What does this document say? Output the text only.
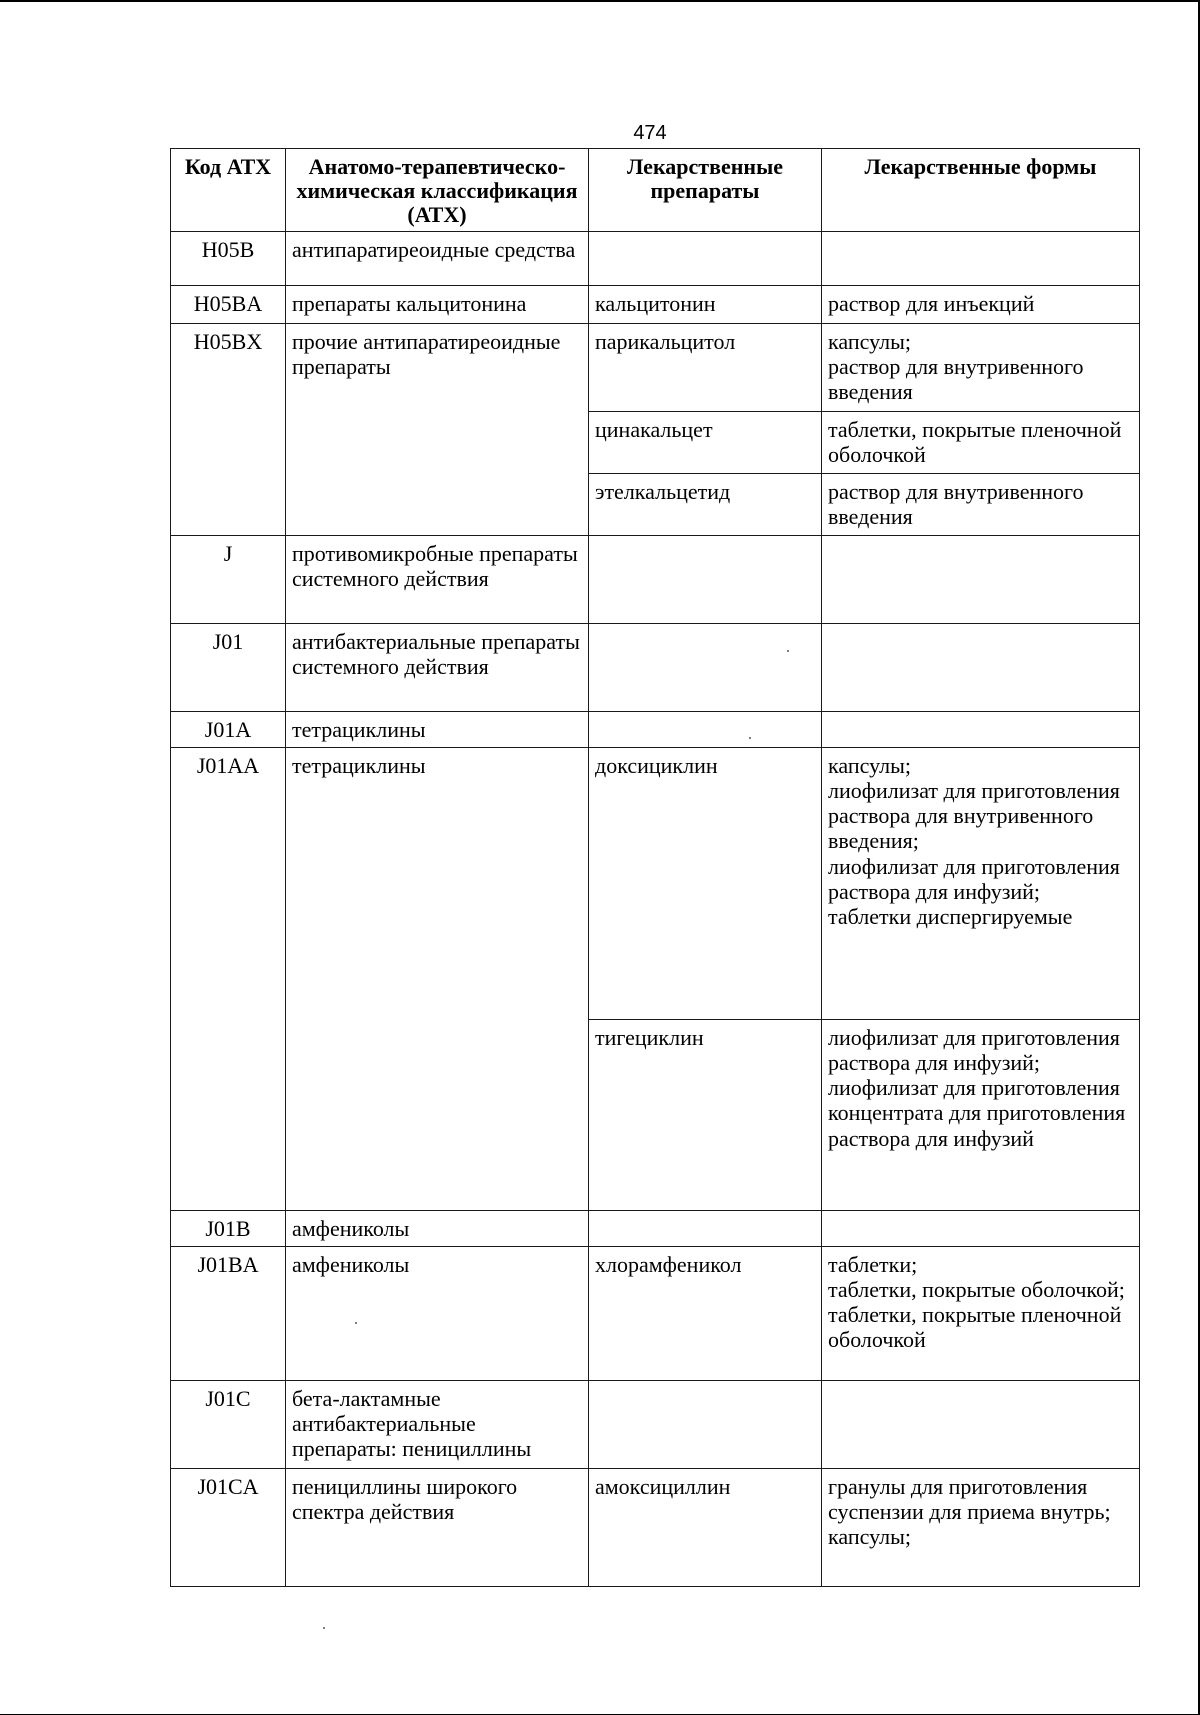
474
Код АТХ	Анатомо-терапевтическо-химическая классификация (АТХ)	Лекарственные препараты	Лекарственные формы
H05B	антипаратиреоидные средства		
H05BA	препараты кальцитонина	кальцитонин	раствор для инъекций

H05BX	прочие антипаратиреоидные препараты	парикальцитол	капсулы;
раствор для внутривенного введения

		цинакальцет	таблетки, покрытые пленочной оболочкой

		этелкальцетид	раствор для внутривенного введения

J	противомикробные препараты системного действия		
J01	антибактериальные препараты системного действия		
J01A	тетрациклины		
J01AA	тетрациклины	доксициклин	капсулы;
лиофилизат для приготовления раствора для внутривенного введения;
лиофилизат для приготовления раствора для инфузий;
таблетки диспергируемые

		тигециклин	лиофилизат для приготовления раствора для инфузий;
лиофилизат для приготовления концентрата для приготовления раствора для инфузий

J01B	амфениколы		
J01BA	амфениколы	хлорамфеникол	таблетки;
таблетки, покрытые оболочкой;
таблетки, покрытые пленочной оболочкой

J01C	бета-лактамные антибактериальные препараты: пенициллины		
J01CA	пенициллины широкого спектра действия	амоксициллин	гранулы для приготовления суспензии для приема внутрь;
капсулы;
